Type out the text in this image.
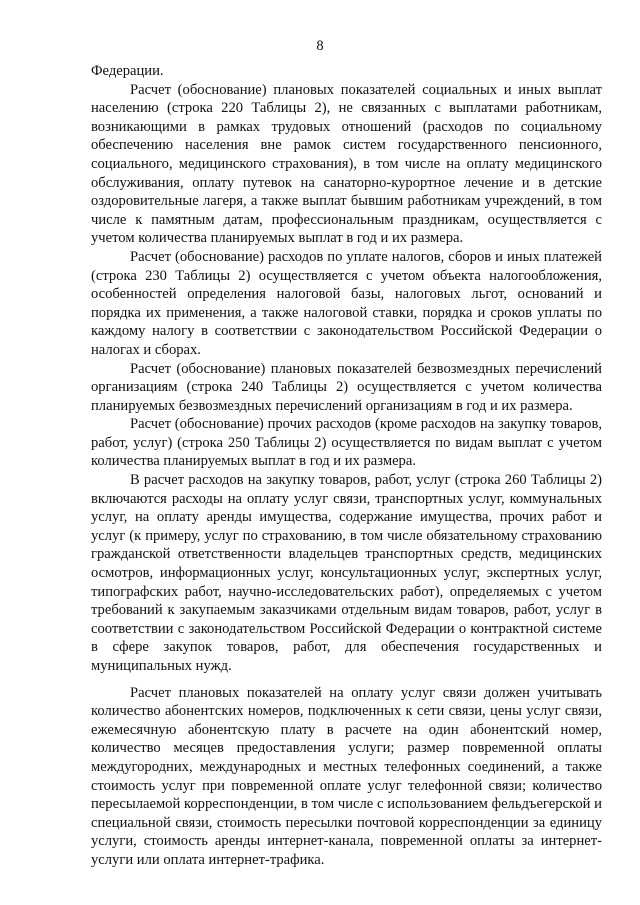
8

Федерации.

Расчет (обоснование) плановых показателей социальных и иных выплат населению (строка 220 Таблицы 2), не связанных с выплатами работникам, возникающими в рамках трудовых отношений (расходов по социальному обеспечению населения вне рамок систем государственного пенсионного, социального, медицинского страхования), в том числе на оплату медицинского обслуживания, оплату путевок на санаторно-курортное лечение и в детские оздоровительные лагеря, а также выплат бывшим работникам учреждений, в том числе к памятным датам, профессиональным праздникам, осуществляется с учетом количества планируемых выплат в год и их размера.

Расчет (обоснование) расходов по уплате налогов, сборов и иных платежей (строка 230 Таблицы 2) осуществляется с учетом объекта налогообложения, особенностей определения налоговой базы, налоговых льгот, оснований и порядка их применения, а также налоговой ставки, порядка и сроков уплаты по каждому налогу в соответствии с законодательством Российской Федерации о налогах и сборах.

Расчет (обоснование) плановых показателей безвозмездных перечислений организациям (строка 240 Таблицы 2) осуществляется с учетом количества планируемых безвозмездных перечислений организациям в год и их размера.

Расчет (обоснование) прочих расходов (кроме расходов на закупку товаров, работ, услуг) (строка 250 Таблицы 2) осуществляется по видам выплат с учетом количества планируемых выплат в год и их размера.

В расчет расходов на закупку товаров, работ, услуг (строка 260 Таблицы 2) включаются расходы на оплату услуг связи, транспортных услуг, коммунальных услуг, на оплату аренды имущества, содержание имущества, прочих работ и услуг (к примеру, услуг по страхованию, в том числе обязательному страхованию гражданской ответственности владельцев транспортных средств, медицинских осмотров, информационных услуг, консультационных услуг, экспертных услуг, типографских работ, научно-исследовательских работ), определяемых с учетом требований к закупаемым заказчиками отдельным видам товаров, работ, услуг в соответствии с законодательством Российской Федерации о контрактной системе в сфере закупок товаров, работ, для обеспечения государственных и муниципальных нужд.

Расчет плановых показателей на оплату услуг связи должен учитывать количество абонентских номеров, подключенных к сети связи, цены услуг связи, ежемесячную абонентскую плату в расчете на один абонентский номер, количество месяцев предоставления услуги; размер повременной оплаты междугородних, международных и местных телефонных соединений, а также стоимость услуг при повременной оплате услуг телефонной связи; количество пересылаемой корреспонденции, в том числе с использованием фельдъегерской и специальной связи, стоимость пересылки почтовой корреспонденции за единицу услуги, стоимость аренды интернет-канала, повременной оплаты за интернет-услуги или оплата интернет-трафика.
